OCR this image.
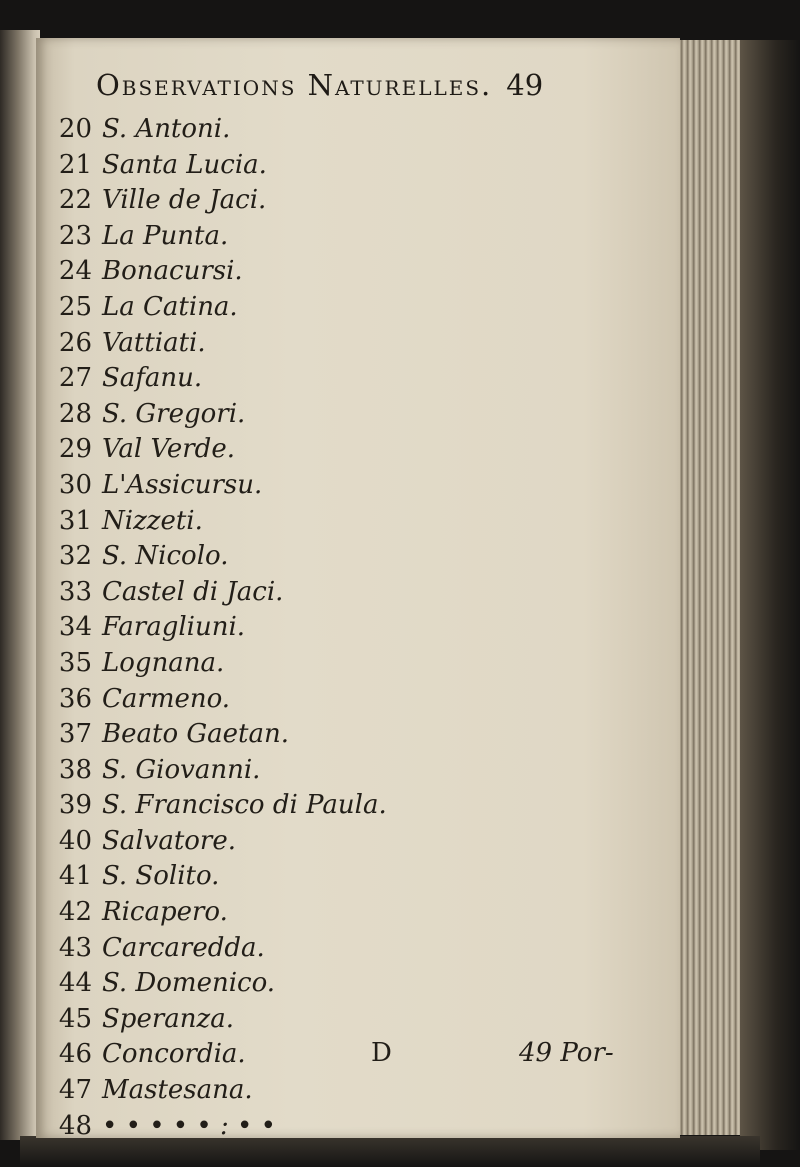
Observations Naturelles. 49
20 S. Antoni.
21 Santa Lucia.
22 Ville de Jaci.
23 La Punta.
24 Bonacursi.
25 La Catina.
26 Vattiati.
27 Safanu.
28 S. Gregori.
29 Val Verde.
30 L'Assicursu.
31 Nizzeti.
32 S. Nicolo.
33 Castel di Jaci.
34 Faragliuni.
35 Lognana.
36 Carmeno.
37 Beato Gaetan.
38 S. Giovanni.
39 S. Francisco di Paula.
40 Salvatore.
41 S. Solito.
42 Ricapero.
43 Carcaredda.
44 S. Domenico.
45 Speranza.
46 Concordia.
47 Mastesana.
48 • • • • • : • •
D	49 Por-
